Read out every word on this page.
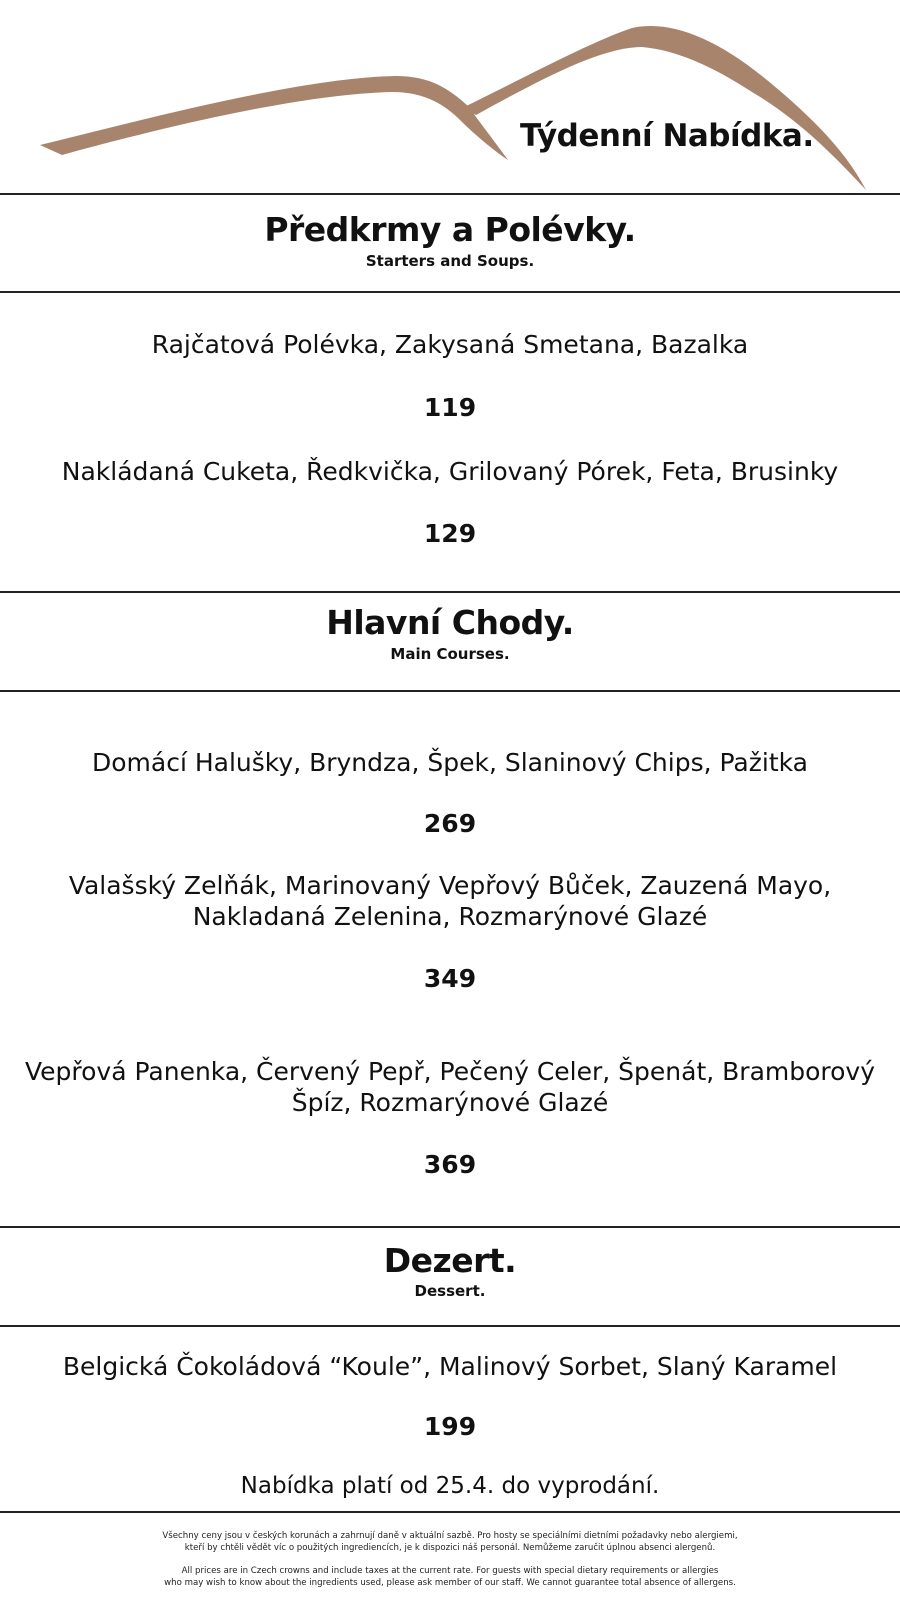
Týdenní Nabídka.
Předkrmy a Polévky.
Starters and Soups.
Rajčatová Polévka, Zakysaná Smetana, Bazalka
119
Nakládaná Cuketa, Ředkvička, Grilovaný Pórek, Feta, Brusinky
129
Hlavní Chody.
Main Courses.
Domácí Halušky, Bryndza, Špek, Slaninový Chips, Pažitka
269
Valašský Zelňák, Marinovaný Vepřový Bůček, Zauzená Mayo,
Nakladaná Zelenina, Rozmarýnové Glazé
349
Vepřová Panenka, Červený Pepř, Pečený Celer, Špenát, Bramborový
Špíz, Rozmarýnové Glazé
369
Dezert.
Dessert.
Belgická Čokoládová “Koule”, Malinový Sorbet, Slaný Karamel
199
Nabídka platí od 25.4. do vyprodání.
Všechny ceny jsou v českých korunách a zahrnují daně v aktuální sazbě. Pro hosty se speciálními dietními požadavky nebo alergiemi,
kteří by chtěli vědět víc o použitých ingrediencích, je k dispozici náš personál. Nemůžeme zaručit úplnou absenci alergenů.
All prices are in Czech crowns and include taxes at the current rate. For guests with special dietary requirements or allergies
who may wish to know about the ingredients used, please ask member of our staff. We cannot guarantee total absence of allergens.
